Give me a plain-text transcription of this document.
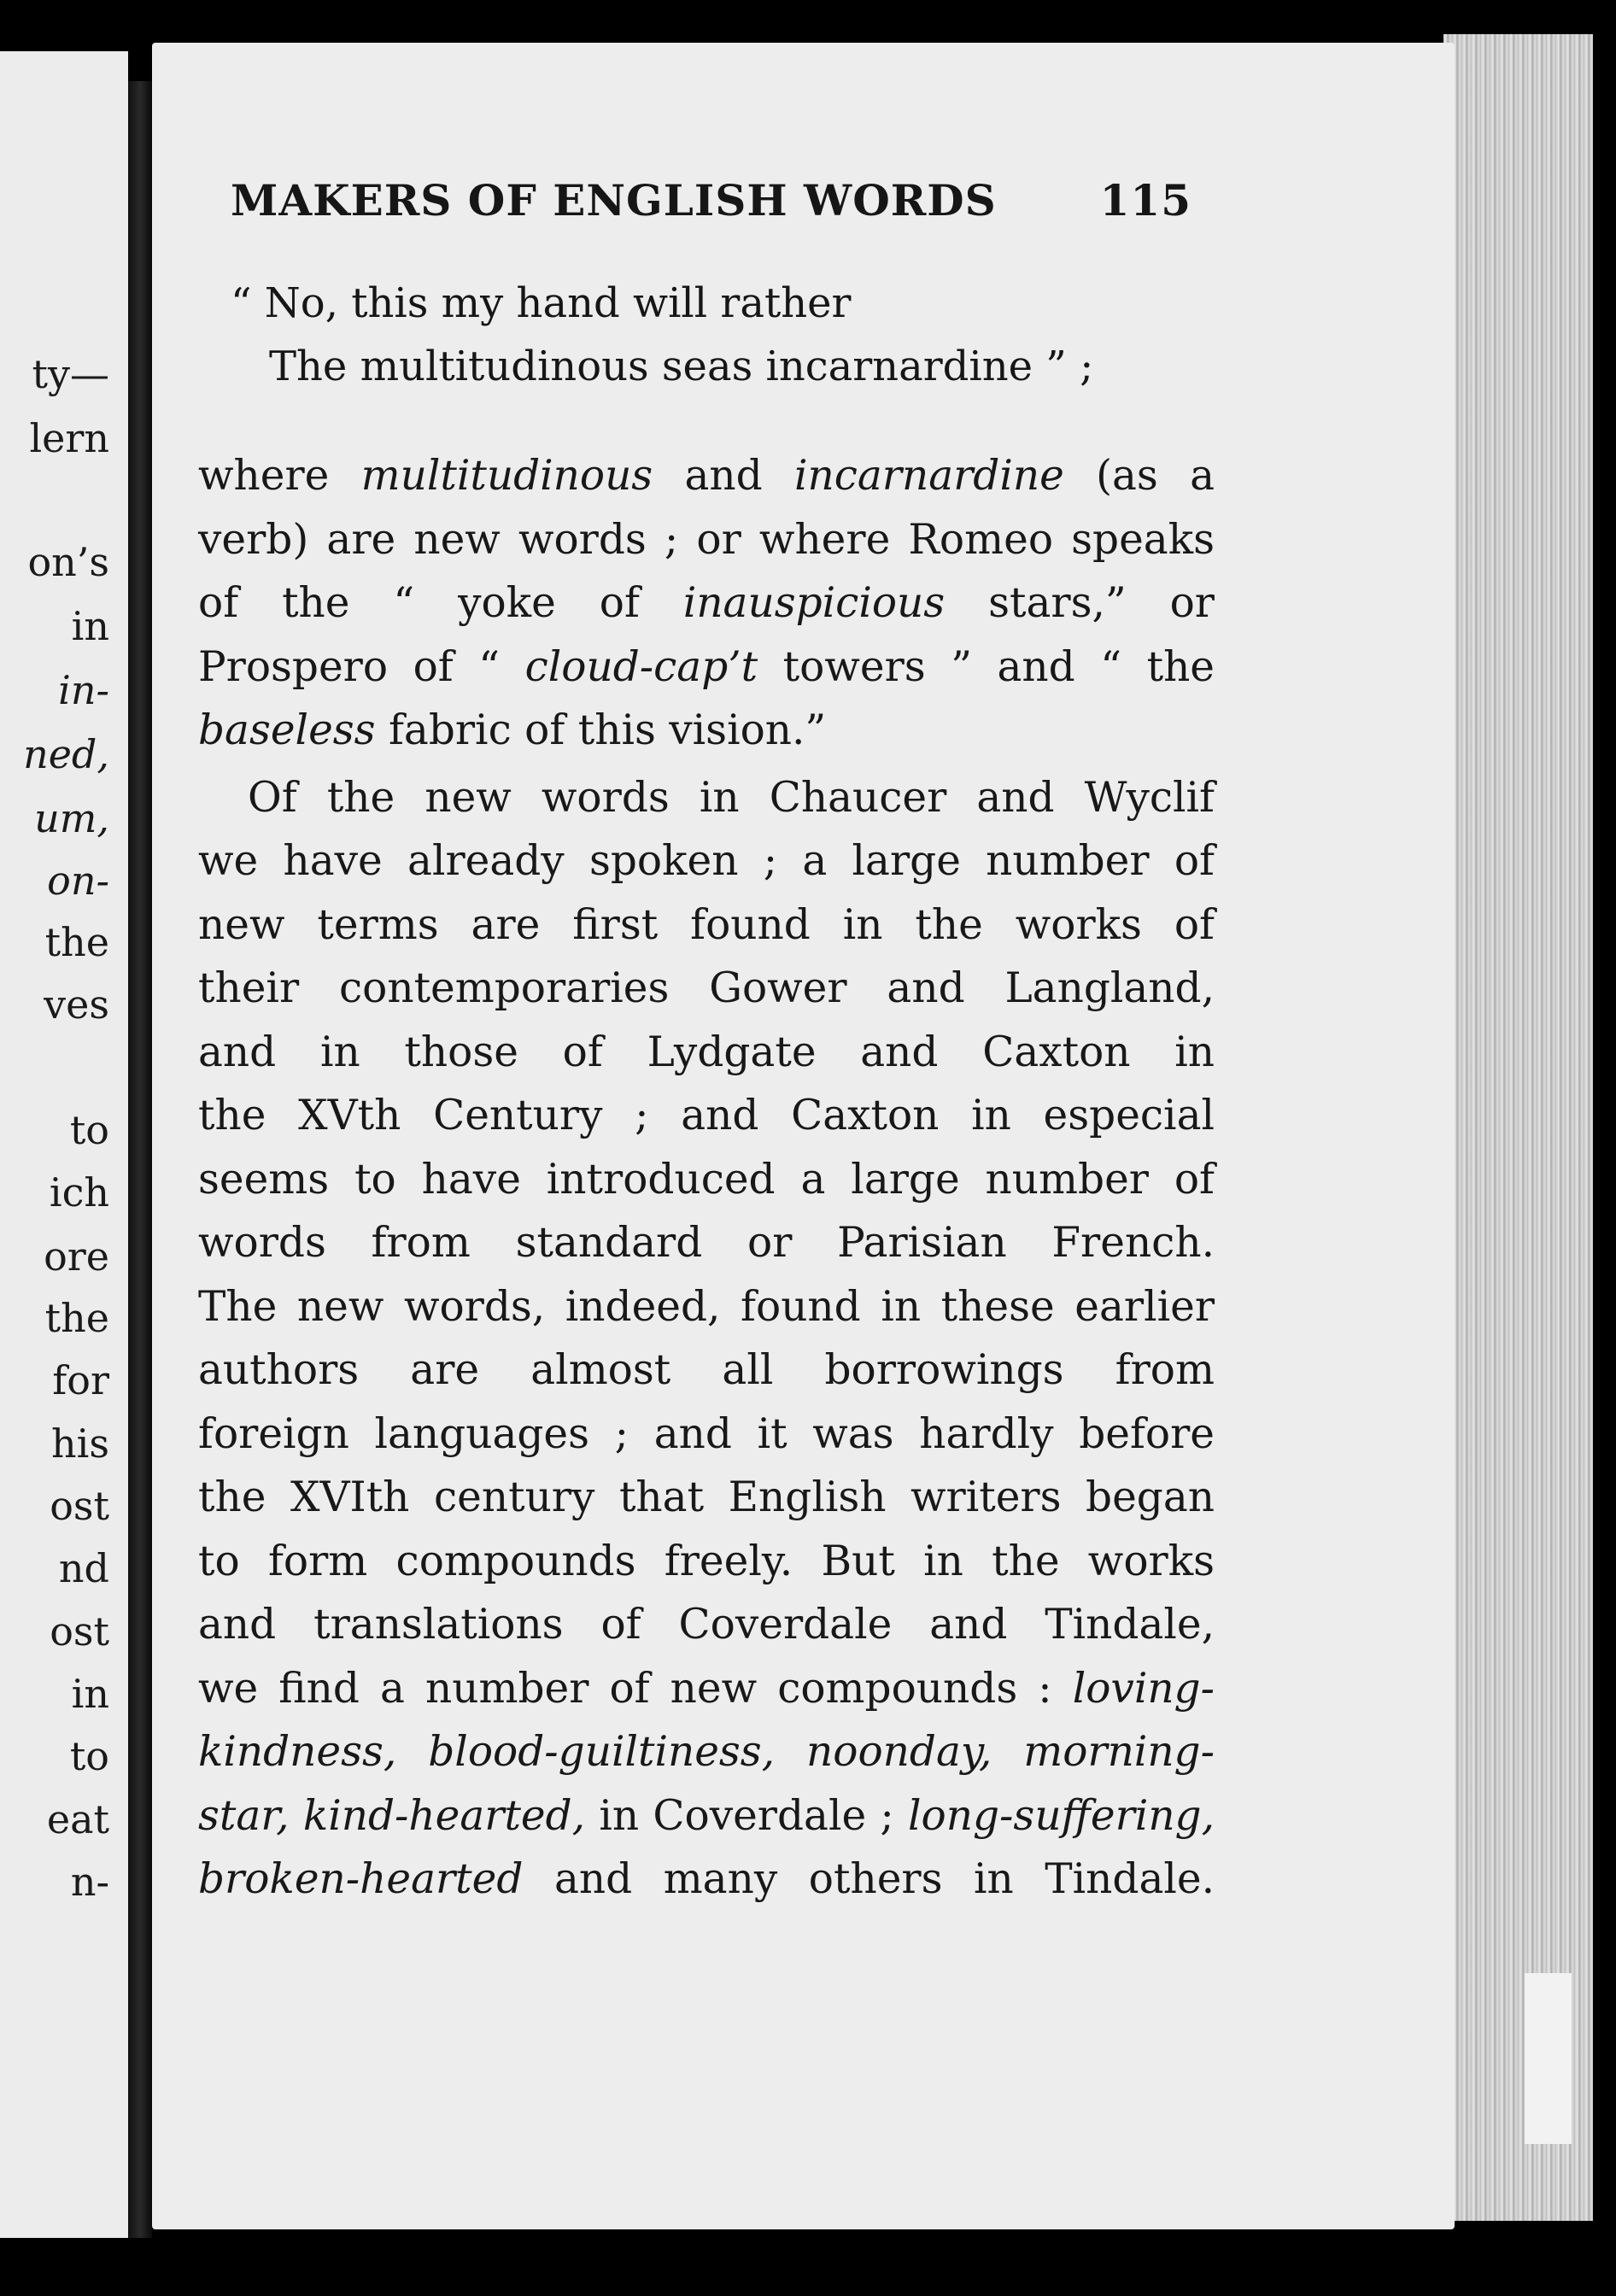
ty—
lern
on’s
in
in-
ned,
um,
on-
the
ves
to
ich
ore
the
for
his
ost
nd
ost
in
to
eat
n-
MAKERS OF ENGLISH WORDS 115
“ No, this my hand will rather
The multitudinous seas incarnardine ” ;
where multitudinous and incarnardine (as a
verb) are new words ; or where Romeo speaks
of the “ yoke of inauspicious stars,” or
Prospero of “ cloud-cap’t towers ” and “ the
baseless fabric of this vision.”
Of the new words in Chaucer and Wyclif
we have already spoken ; a large number of
new terms are first found in the works of
their contemporaries Gower and Langland,
and in those of Lydgate and Caxton in
the XVth Century ; and Caxton in especial
seems to have introduced a large number of
words from standard or Parisian French.
The new words, indeed, found in these earlier
authors are almost all borrowings from
foreign languages ; and it was hardly before
the XVIth century that English writers began
to form compounds freely. But in the works
and translations of Coverdale and Tindale,
we find a number of new compounds : loving-
kindness, blood-guiltiness, noonday, morning-
star, kind-hearted, in Coverdale ; long-suffering,
broken-hearted and many others in Tindale.
